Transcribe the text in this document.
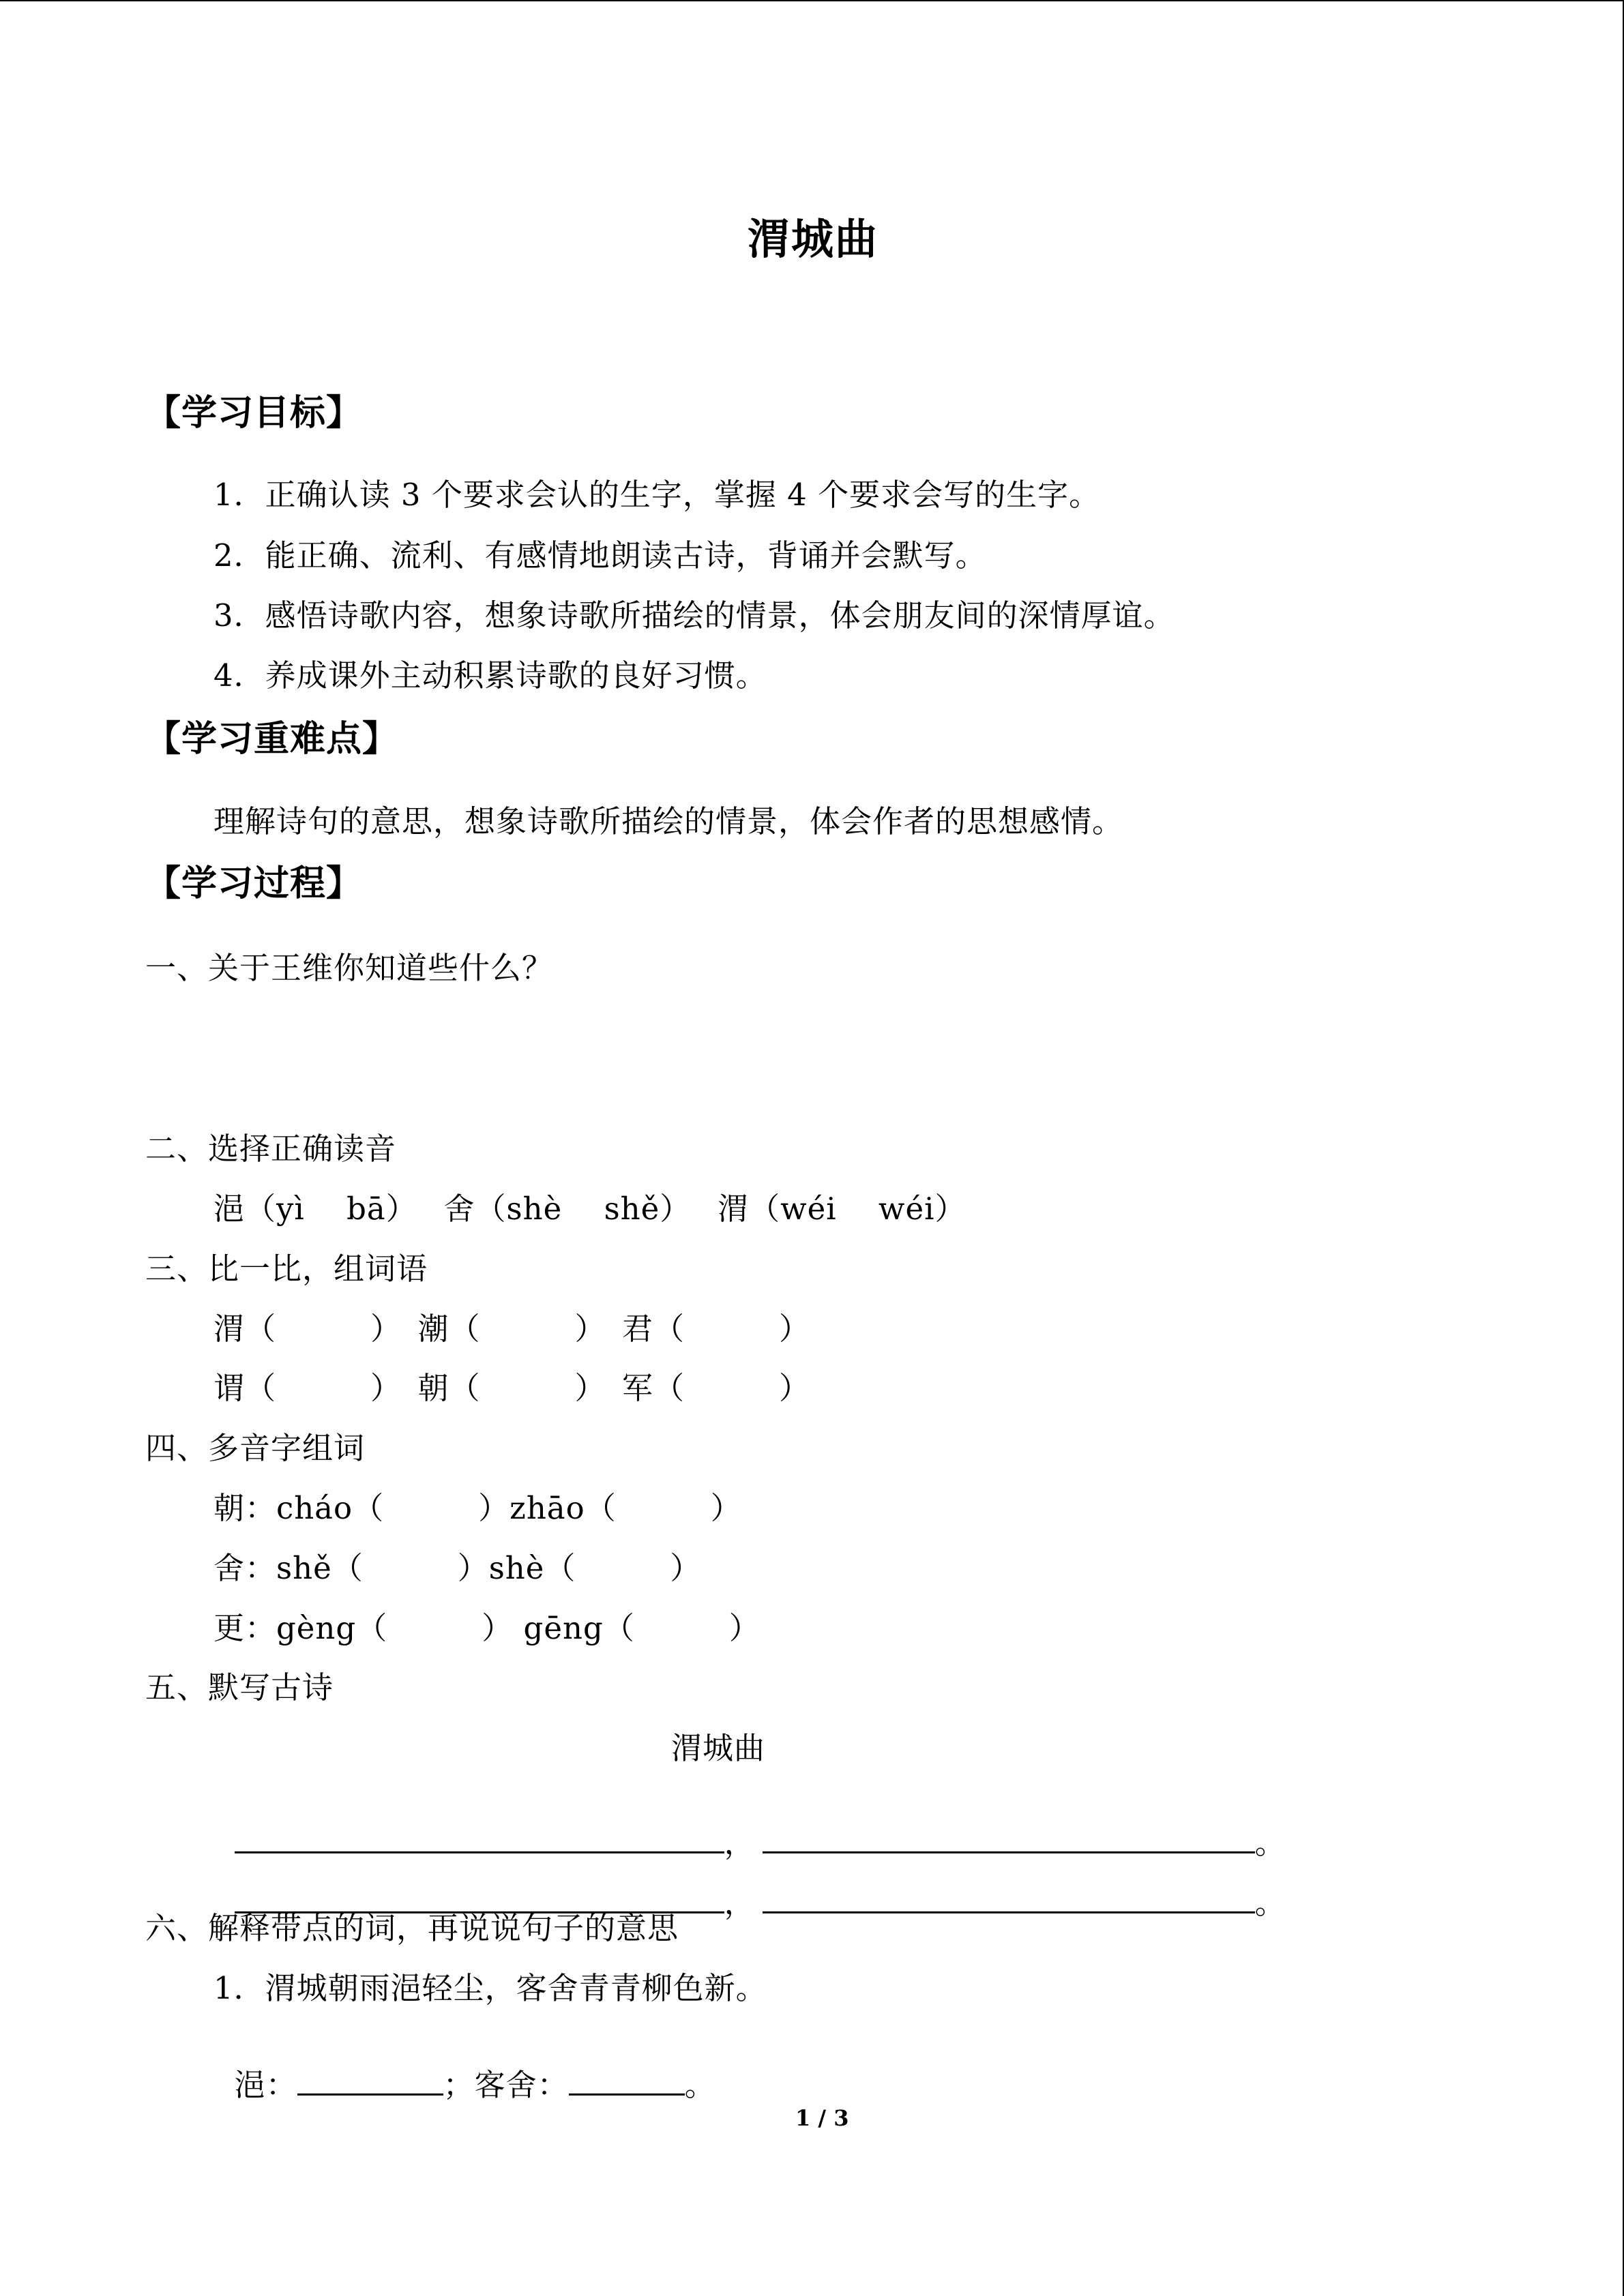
渭城曲
【学习目标】
1．正确认读 3 个要求会认的生字，掌握 4 个要求会写的生字。
2．能正确、流利、有感情地朗读古诗，背诵并会默写。
3．感悟诗歌内容，想象诗歌所描绘的情景，体会朋友间的深情厚谊。
4．养成课外主动积累诗歌的良好习惯。
【学习重难点】
理解诗句的意思，想象诗歌所描绘的情景，体会作者的思想感情。
【学习过程】
一、关于王维你知道些什么？
二、选择正确读音
浥（yì　 bā）　 舍（shè　 shě）　 渭（wéi　 wéi）
三、比一比，组词语
渭（　　　）　潮（　　　）　君（　　　）
谓（　　　）　朝（　　　）　军（　　　）
四、多音字组词
朝：cháo（　　　）zhāo（　　　）
舍：shě（　　　）shè（　　　）
更：gèng（　　　） gēng（　　　）
五、默写古诗
渭城曲

，	。

，	。

六、解释带点的词，再说说句子的意思
1．渭城朝雨浥轻尘，客舍青青柳色新。

浥：	；客舍：	。

1 / 3
